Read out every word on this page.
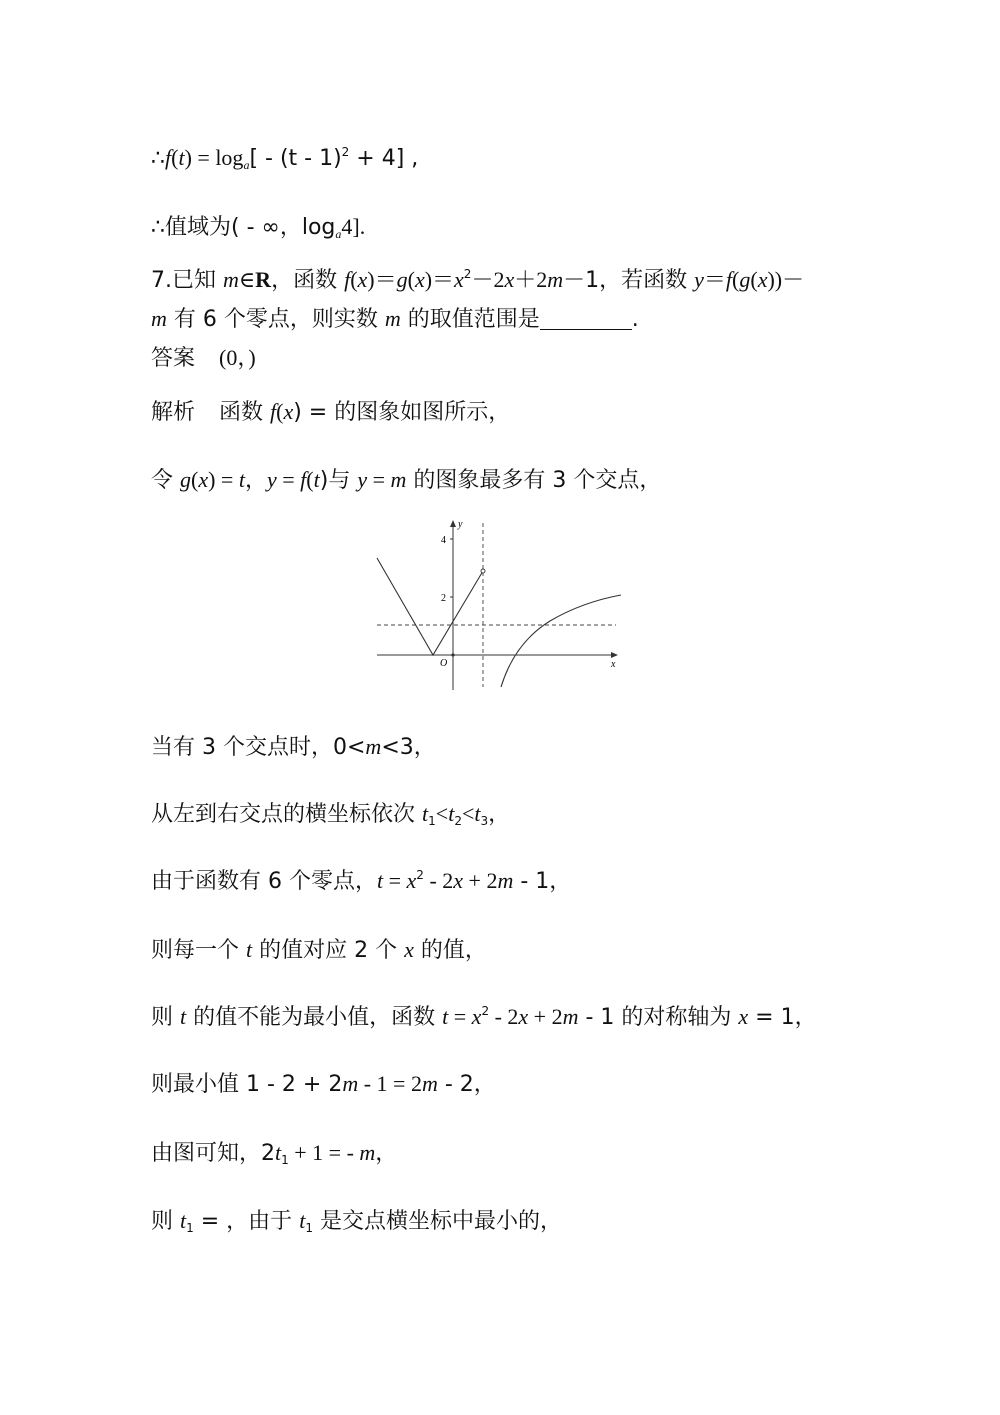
∴f(t) = $\log_a[ - (t - 1)^2 + 4]$ ,
∴值域为( - ∞，$\log_a4$].
7.已知 m∈R，函数 $f(x)=g(x)=x^2-2x+2m-1$，若函数 y＝f(g(x))－
m 有 6 个零点，则实数 m 的取值范围是	.
答案 (0，)
解析 函数 f(x) = 的图象如图所示，
令 g(x) = t，y = f(t)与 y = m 的图象最多有 3 个交点，
y
x
O
4
2
当有 3 个交点时，0<m<3，
从左到右交点的横坐标依次 $t_1<t_2<t_3$，
由于函数有 6 个零点，$t = x^2 - 2x + 2m - 1$，
则每一个 t 的值对应 2 个 x 的值，
则 t 的值不能为最小值，函数 $t = x^2 - 2x + 2m - 1$ 的对称轴为 x = 1，
则最小值 1 - 2 + 2m - 1 = 2m - 2，
由图可知，$2t_1 + 1$ = - m，
则 $t_1$ = ，由于 $t_1$ 是交点横坐标中最小的，
